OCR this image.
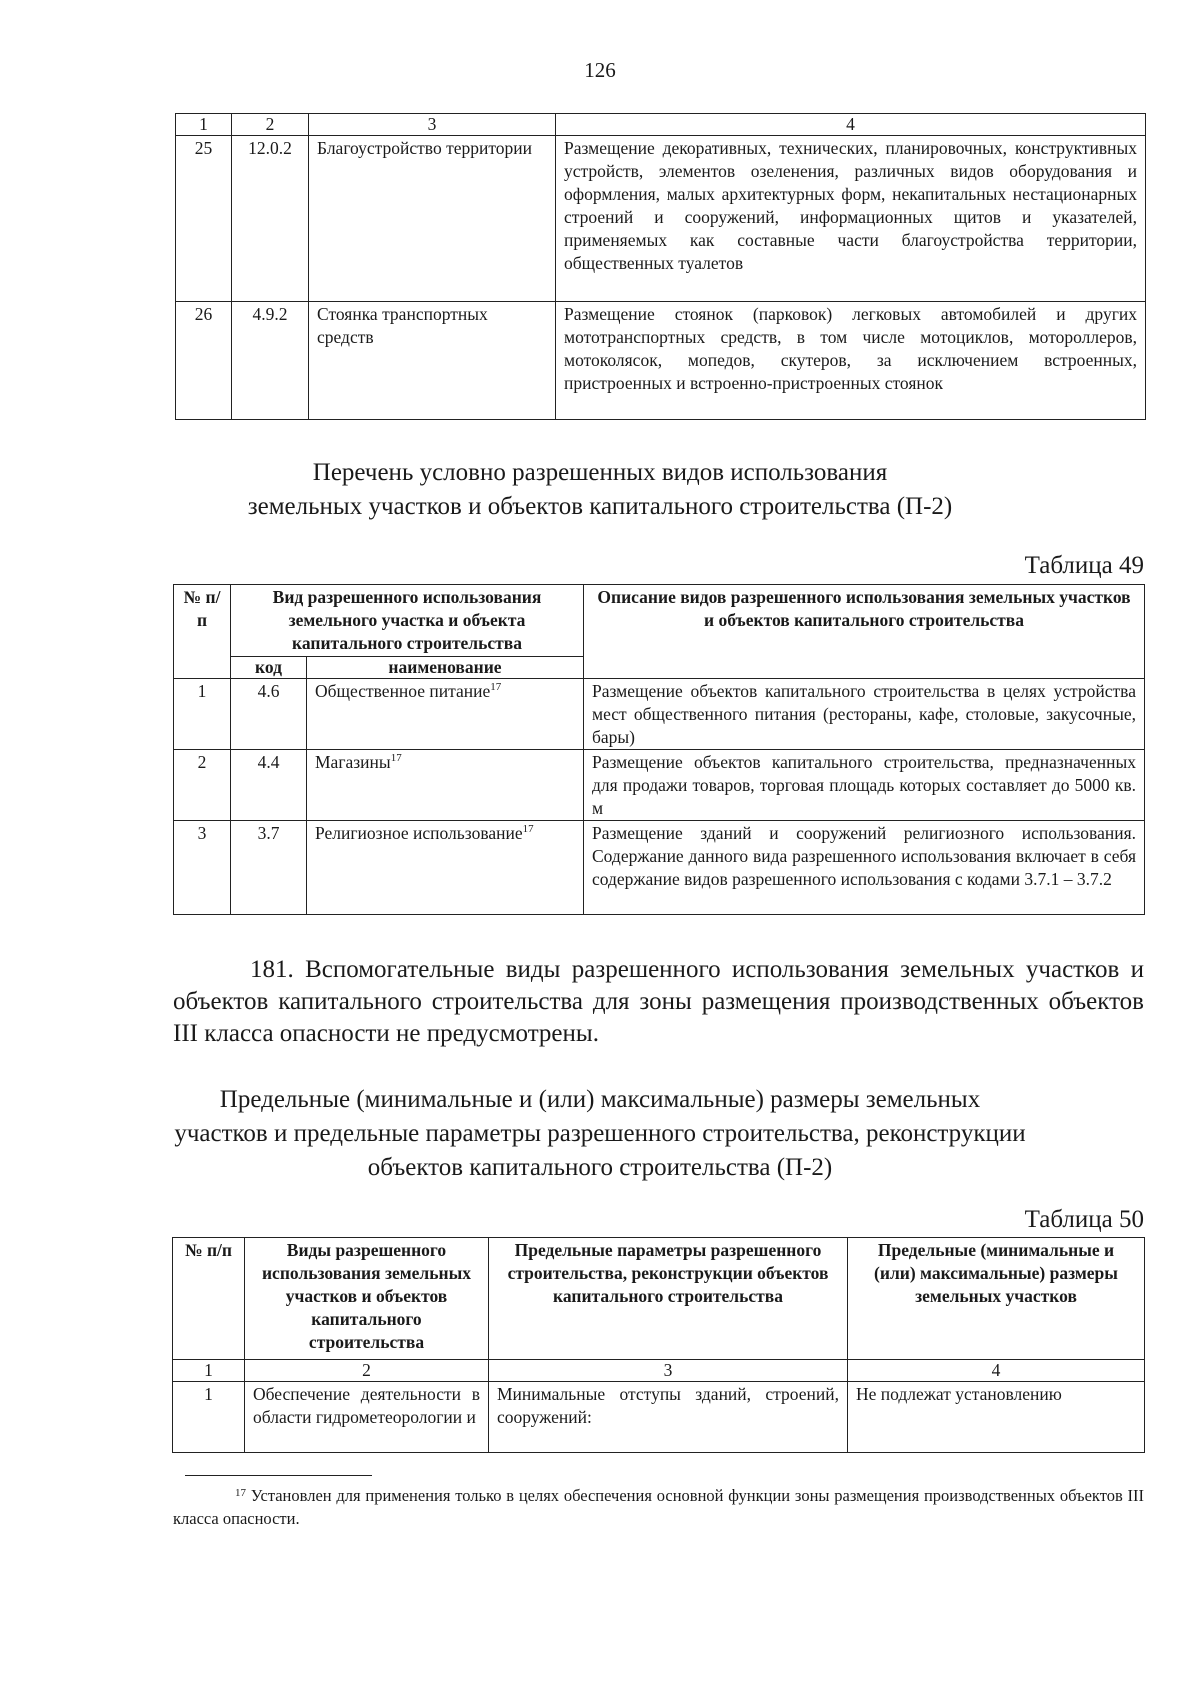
126
1	2	3	4
25	12.0.2	Благоустройство территории	Размещение декоративных, технических, планировочных, конструктивных устройств, элементов озеленения, различных видов оборудования и оформления, малых архитектурных форм, некапитальных нестационарных строений и сооружений, информационных щитов и указателей, применяемых как составные части благоустройства территории, общественных туалетов
26	4.9.2	Стоянка транспортных средств	Размещение стоянок (парковок) легковых автомобилей и других мототранспортных средств, в том числе мотоциклов, мотороллеров, мотоколясок, мопедов, скутеров, за исключением встроенных, пристроенных и встроенно-пристроенных стоянок
Перечень условно разрешенных видов использования
земельных участков и объектов капитального строительства (П-2)
Таблица 49
№ п/п	Вид разрешенного использования земельного участка и объекта капитального строительства		Описание видов разрешенного использования земельных участков и объектов капитального строительства
	код	наименование	
1	4.6	Общественное питание$^{17}$	Размещение объектов капитального строительства в целях устройства мест общественного питания (рестораны, кафе, столовые, закусочные, бары)
2	4.4	Магазины$^{17}$	Размещение объектов капитального строительства, предназначенных для продажи товаров, торговая площадь которых составляет до 5000 кв. м
3	3.7	Религиозное использование$^{17}$	Размещение зданий и сооружений религиозного использования. Содержание данного вида разрешенного использования включает в себя содержание видов разрешенного использования с кодами 3.7.1 – 3.7.2
181. Вспомогательные виды разрешенного использования земельных участков и объектов капитального строительства для зоны размещения производственных объектов III класса опасности не предусмотрены.
Предельные (минимальные и (или) максимальные) размеры земельных
участков и предельные параметры разрешенного строительства, реконструкции
объектов капитального строительства (П-2)
Таблица 50
№ п/п	Виды разрешенного использования земельных участков и объектов капитального строительства	Предельные параметры разрешенного строительства, реконструкции объектов капитального строительства	Предельные (минимальные и (или) максимальные) размеры земельных участков
1	2	3	4
1	Обеспечение деятельности в области гидрометеорологии и	Минимальные отступы зданий, строений, сооружений:	Не подлежат установлению
$^{17}$ Установлен для применения только в целях обеспечения основной функции зоны размещения производственных объектов III класса опасности.
